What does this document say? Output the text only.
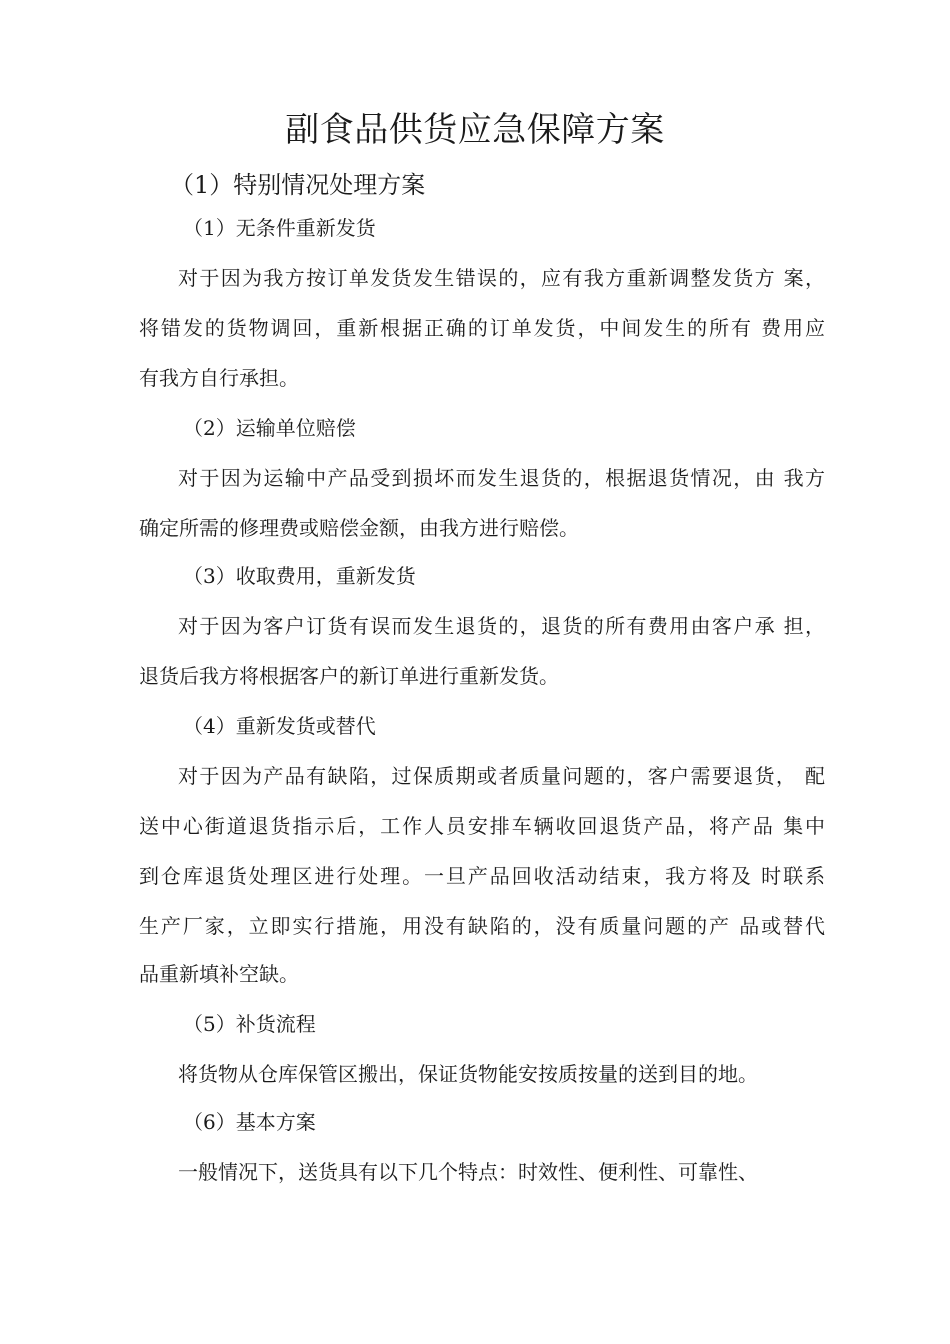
副食品供货应急保障方案
（1）特别情况处理方案
（1）无条件重新发货
对于因为我方按订单发货发生错误的，应有我方重新调整发货方 案，
将错发的货物调回，重新根据正确的订单发货，中间发生的所有 费用应
有我方自行承担。
（2）运输单位赔偿
对于因为运输中产品受到损坏而发生退货的，根据退货情况，由 我方
确定所需的修理费或赔偿金额，由我方进行赔偿。
（3）收取费用，重新发货
对于因为客户订货有误而发生退货的，退货的所有费用由客户承 担，
退货后我方将根据客户的新订单进行重新发货。
（4）重新发货或替代
对于因为产品有缺陷，过保质期或者质量问题的，客户需要退货， 配
送中心街道退货指示后，工作人员安排车辆收回退货产品，将产品 集中
到仓库退货处理区进行处理。一旦产品回收活动结束，我方将及 时联系
生产厂家，立即实行措施，用没有缺陷的，没有质量问题的产 品或替代
品重新填补空缺。
（5）补货流程
将货物从仓库保管区搬出，保证货物能安按质按量的送到目的地。
（6）基本方案
一般情况下，送货具有以下几个特点：时效性、便利性、可靠性、
